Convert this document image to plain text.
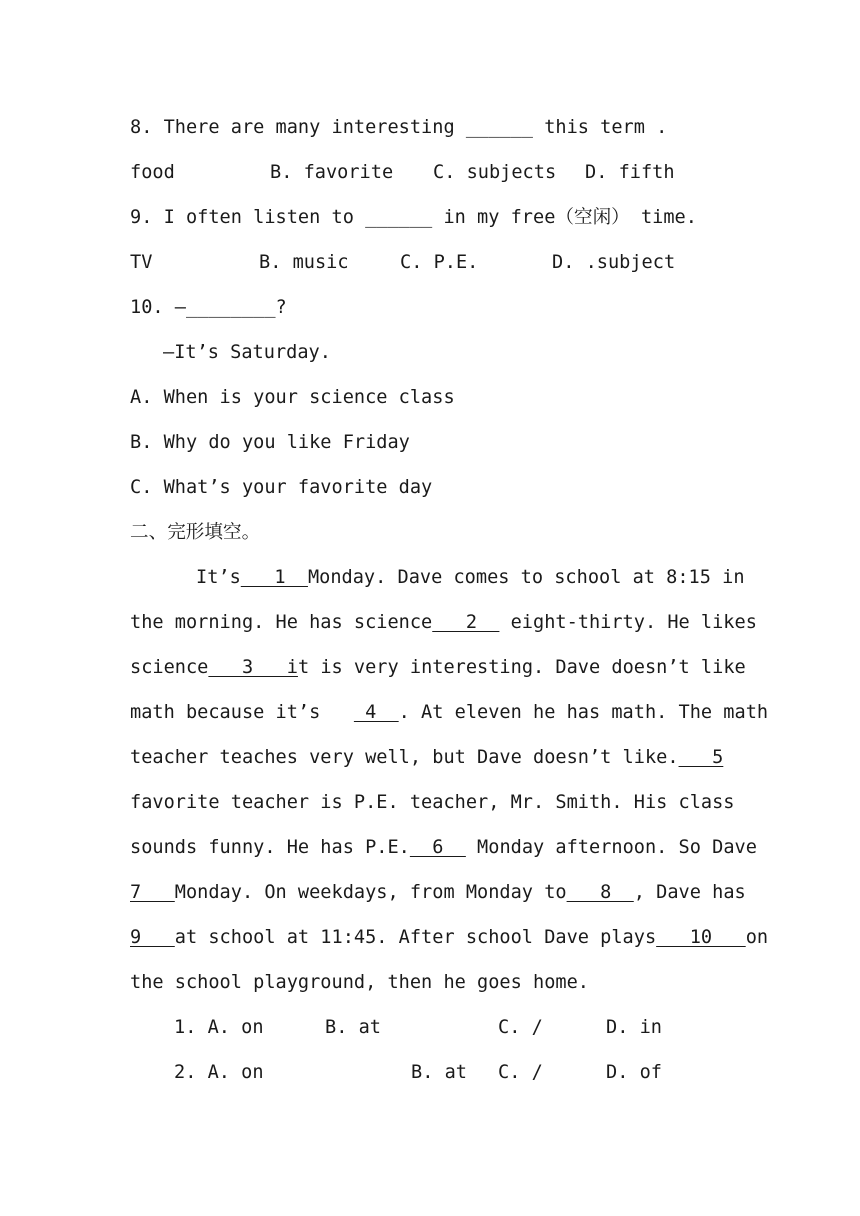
8. There are many interesting ______ this term .

food

	B. favorite

C. subjects

D. fifth

9. I often listen to ______ in my free（空闲） time.

TV

	B. music

	C. P.E.

	D. .subject

10. —________?
—It’s Saturday.
A. When is your science class
B. Why do you like Friday
C. What’s your favorite day
二、完形填空。
It’s   1  Monday. Dave comes to school at 8:15 in
the morning. He has science   2   eight-thirty. He likes
science   3   it is very interesting. Dave doesn’t like
math because it’s    4  . At eleven he has math. The math
teacher teaches very well, but Dave doesn’t like.   5
favorite teacher is P.E. teacher, Mr. Smith. His class
sounds funny. He has P.E.  6   Monday afternoon. So Dave
7   Monday. On weekdays, from Monday to   8  , Dave has
9   at school at 11:45. After school Dave plays   10   on
the school playground, then he goes home.

1. A. on

	B. at

	C. /

	D. in

2. A. on

	B. at

C. /

	D. of
